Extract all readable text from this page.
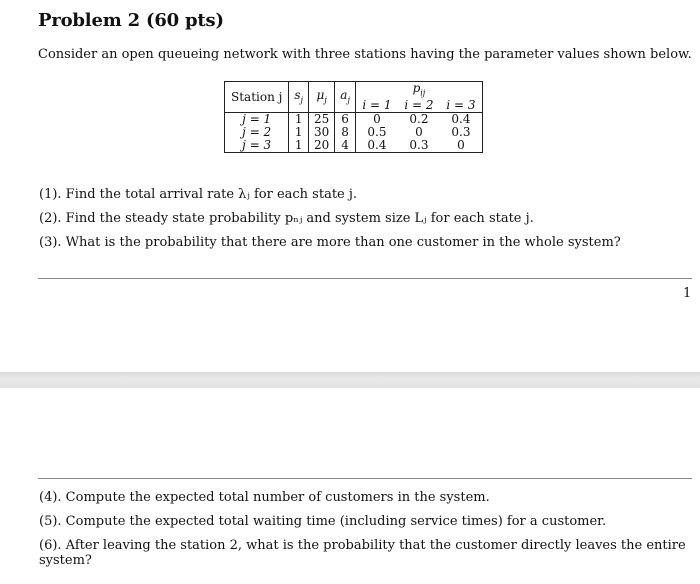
Problem 2 (60 pts)
Consider an open queueing network with three stations having the parameter values shown below.
Station j	$s_j$	$\mu_j$	$a_j$	$p_{ij}$
i = 1 i = 2 i = 3		

j = 1	1	25	6	0	0.2	0.4
j = 2	1	30	8	0.5	0	0.3
j = 3	1	20	4	0.4	0.3	0
(1). Find the total arrival rate λⱼ for each state j.
(2). Find the steady state probability pₙⱼ and system size Lⱼ for each state j.
(3). What is the probability that there are more than one customer in the whole system?
1
(4). Compute the expected total number of customers in the system.
(5). Compute the expected total waiting time (including service times) for a customer.
(6). After leaving the station 2, what is the probability that the customer directly leaves the entire system?
